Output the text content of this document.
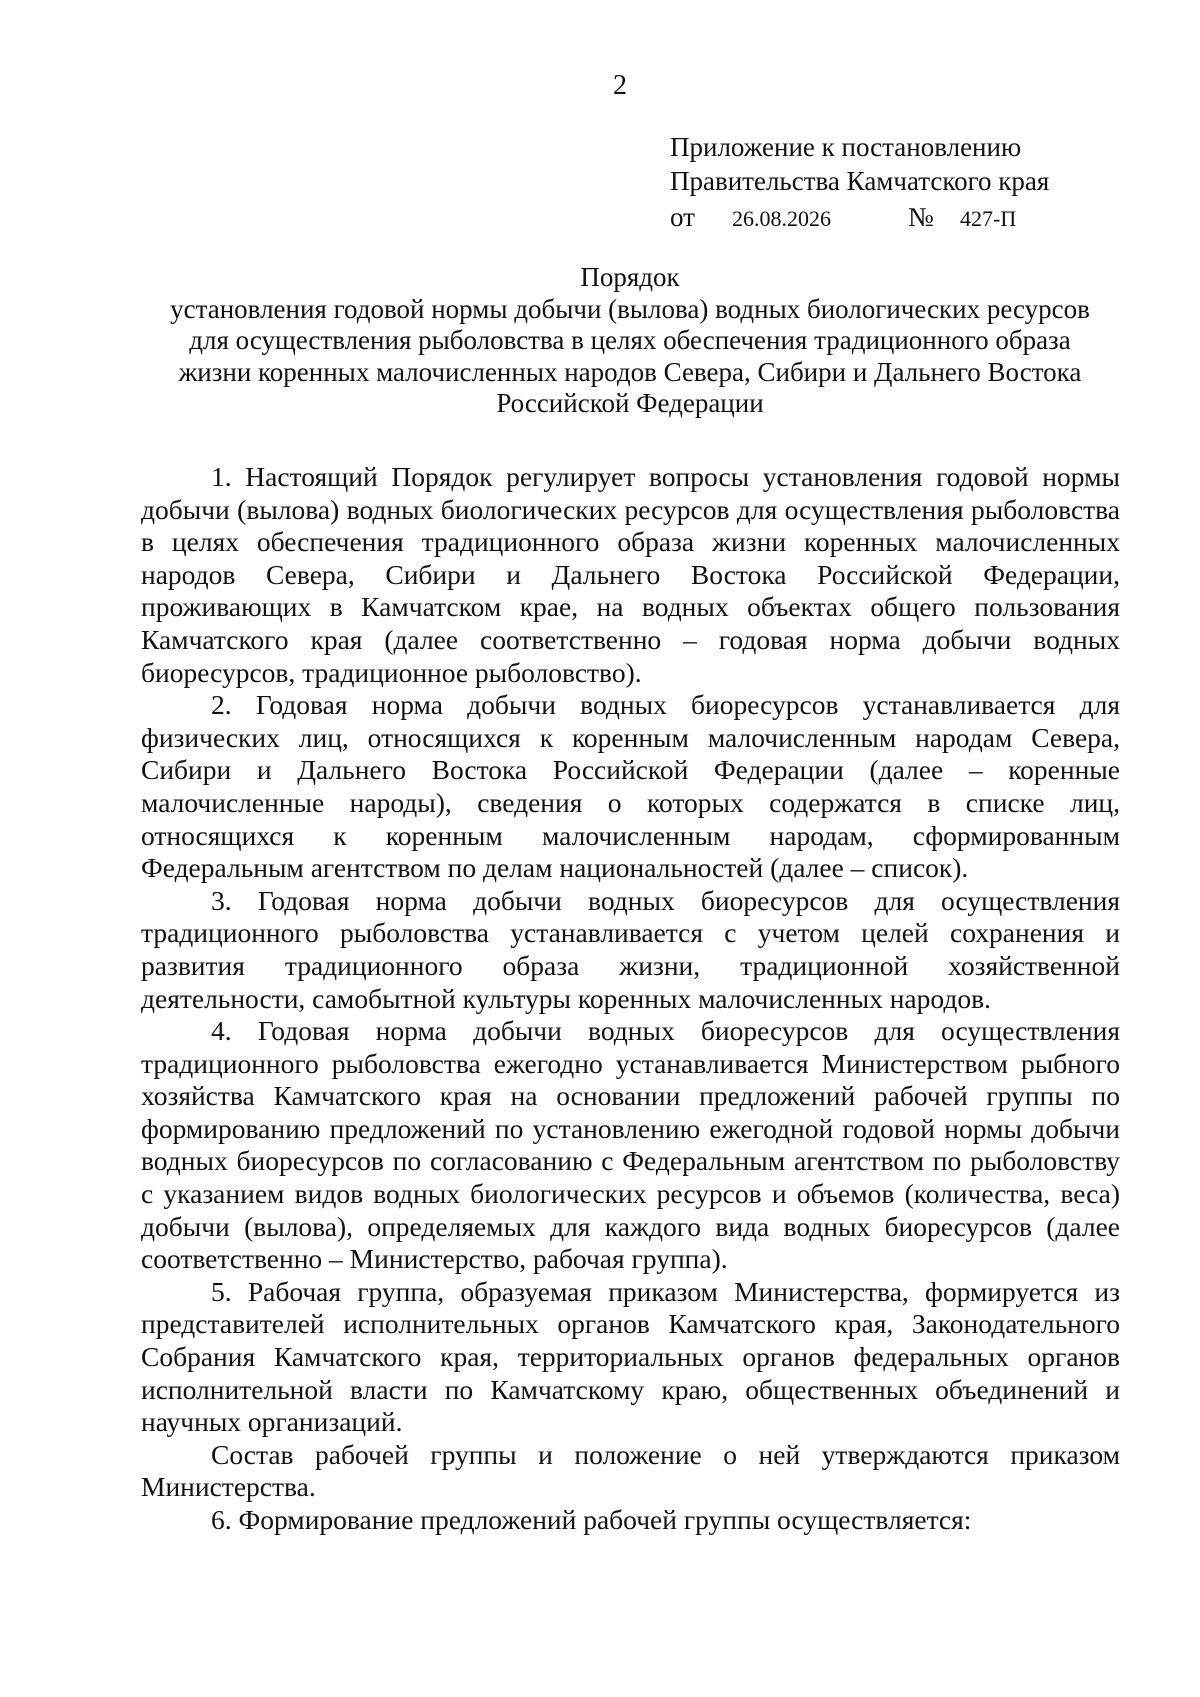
2
Приложение к постановлению
Правительства Камчатского края
от	26.08.2026	№	427-П
Порядок
установления годовой нормы добычи (вылова) водных биологических ресурсов
для осуществления рыболовства в целях обеспечения традиционного образа
жизни коренных малочисленных народов Севера, Сибири и Дальнего Востока
Российской Федерации

1. Настоящий Порядок регулирует вопросы установления годовой нормы добычи (вылова) водных биологических ресурсов для осуществления рыболовства в целях обеспечения традиционного образа жизни коренных малочисленных народов Севера, Сибири и Дальнего Востока Российской Федерации, проживающих в Камчатском крае, на водных объектах общего пользования Камчатского края (далее соответственно – годовая норма добычи водных биоресурсов, традиционное рыболовство).

2. Годовая норма добычи водных биоресурсов устанавливается для физических лиц, относящихся к коренным малочисленным народам Севера, Сибири и Дальнего Востока Российской Федерации (далее – коренные малочисленные народы), сведения о которых содержатся в списке лиц, относящихся к коренным малочисленным народам, сформированным Федеральным агентством по делам национальностей (далее – список).

3. Годовая норма добычи водных биоресурсов для осуществления традиционного рыболовства устанавливается с учетом целей сохранения и развития традиционного образа жизни, традиционной хозяйственной деятельности, самобытной культуры коренных малочисленных народов.

4. Годовая норма добычи водных биоресурсов для осуществления традиционного рыболовства ежегодно устанавливается Министерством рыбного хозяйства Камчатского края на основании предложений рабочей группы по формированию предложений по установлению ежегодной годовой нормы добычи водных биоресурсов по согласованию с Федеральным агентством по рыболовству с указанием видов водных биологических ресурсов и объемов (количества, веса) добычи (вылова), определяемых для каждого вида водных биоресурсов (далее соответственно – Министерство, рабочая группа).

5. Рабочая группа, образуемая приказом Министерства, формируется из представителей исполнительных органов Камчатского края, Законодательного Собрания Камчатского края, территориальных органов федеральных органов исполнительной власти по Камчатскому краю, общественных объединений и научных организаций.

Состав рабочей группы и положение о ней утверждаются приказом Министерства.

6. Формирование предложений рабочей группы осуществляется:
